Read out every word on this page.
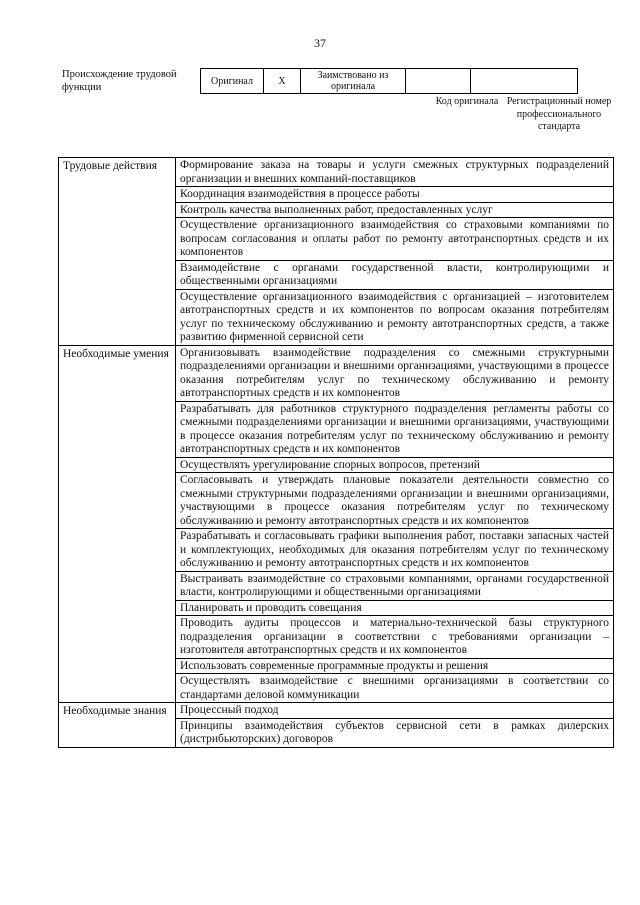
37
Происхождение трудовой функции
Оригинал	X	Заимствовано из оригинала		
Код оригинала Регистрационный номер профессионального стандарта
Трудовые действия	Формирование заказа на товары и услуги смежных структурных подразделений организации и внешних компаний-поставщиков
	Координация взаимодействия в процессе работы
	Контроль качества выполненных работ, предоставленных услуг
	Осуществление организационного взаимодействия со страховыми компаниями по вопросам согласования и оплаты работ по ремонту автотранспортных средств и их компонентов
	Взаимодействие с органами государственной власти, контролирующими и общественными организациями
	Осуществление организационного взаимодействия с организацией – изготовителем автотранспортных средств и их компонентов по вопросам оказания потребителям услуг по техническому обслуживанию и ремонту автотранспортных средств, а также развитию фирменной сервисной сети
Необходимые умения	Организовывать взаимодействие подразделения со смежными структурными подразделениями организации и внешними организациями, участвующими в процессе оказания потребителям услуг по техническому обслуживанию и ремонту автотранспортных средств и их компонентов
	Разрабатывать для работников структурного подразделения регламенты работы со смежными подразделениями организации и внешними организациями, участвующими в процессе оказания потребителям услуг по техническому обслуживанию и ремонту автотранспортных средств и их компонентов
	Осуществлять урегулирование спорных вопросов, претензий
	Согласовывать и утверждать плановые показатели деятельности совместно со смежными структурными подразделениями организации и внешними организациями, участвующими в процессе оказания потребителям услуг по техническому обслуживанию и ремонту автотранспортных средств и их компонентов
	Разрабатывать и согласовывать графики выполнения работ, поставки запасных частей и комплектующих, необходимых для оказания потребителям услуг по техническому обслуживанию и ремонту автотранспортных средств и их компонентов
	Выстраивать взаимодействие со страховыми компаниями, органами государственной власти, контролирующими и общественными организациями
	Планировать и проводить совещания
	Проводить аудиты процессов и материально-технической базы структурного подразделения организации в соответствии с требованиями организации – изготовителя автотранспортных средств и их компонентов
	Использовать современные программные продукты и решения
	Осуществлять взаимодействие с внешними организациями в соответствии со стандартами деловой коммуникации
Необходимые знания	Процессный подход
	Принципы взаимодействия субъектов сервисной сети в рамках дилерских (дистрибьюторских) договоров
